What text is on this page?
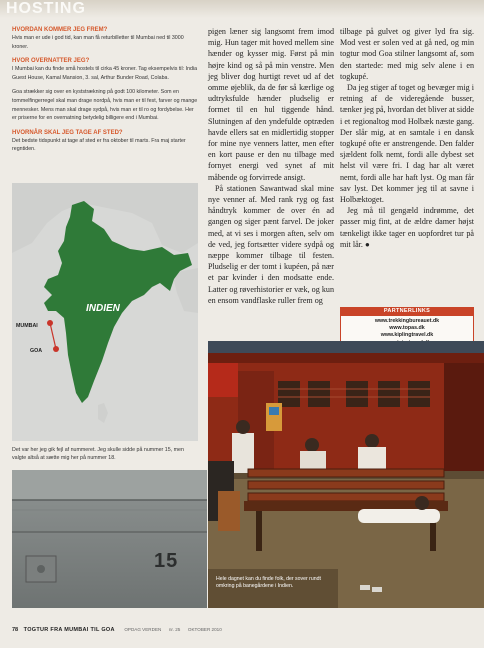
HOSTING
HVORDAN KOMMER JEG FREM?

Hvis man er ude i god tid, kan man få returbilletter til Mumbai ned til 3000 kroner.

HVOR OVERNATTER JEG?

I Mumbai kan du finde små hostels til cirka 45 kroner. Tag eksempelvis til: India Guest House, Kamal Mansion, 3. sal, Arthur Bunder Road, Colaba.

Goa strækker sig over en kyststrækning på godt 100 kilometer. Som en tommelfingerregel skal man drage nordpå, hvis man er til fest, farver og mange mennesker. Mens man skal drage sydpå, hvis man er til ro og fordybelse. Her er priserne for en overnatning betydelig billigere end i Mumbai.

HVORNÅR SKAL JEG TAGE AF STED?

Det bedste tidspunkt at tage af sted er fra oktober til marts. Fra maj starter regntiden.

INDIEN
MUMBAI
GOA
Det var her jeg gik fejl af nummeret. Jeg skulle sidde på nummer 15, men valgte altså at sætte mig her på nummer 18.
15

pigen læner sig langsomt frem imod mig. Hun tager mit hoved mellem sine hænder og kysser mig. Først på min højre kind og så på min venstre. Men jeg bliver dog hurtigt revet ud af det omme øjeblik, da de før så kærlige og udtryksfulde hænder pludselig er formet til en hul tiggende hånd. Slutningen af den yndefulde optræden havde ellers sat en midlertidig stopper for mine nye venners latter, men efter en kort pause er den nu tilbage med fornyet energi ved synet af mit måbende og forvirrede ansigt.

På stationen Sawantwad skal mine nye venner af. Med rank ryg og fast håndtryk kommer de over én ad gangen og siger pænt farvel. De joker med, at vi ses i morgen aften, selv om de ved, jeg fortsætter videre sydpå og næppe kommer tilbage til festen. Pludselig er der tomt i kupéen, på nær et par kvinder i den modsatte ende. Latter og røverhistorier er væk, og kun en ensom vandflaske ruller frem og

tilbage på gulvet og giver lyd fra sig. Mod vest er solen ved at gå ned, og min togtur mod Goa stilner langsomt af, som den startede: med mig selv alene i en togkupé.

Da jeg stiger af toget og bevæger mig i retning af de videregående busser, tænker jeg på, hvordan det bliver at sidde i et regionaltog mod Holbæk næste gang. Der slår mig, at en samtale i en dansk togkupé ofte er anstrengende. Den falder sjældent folk nemt, fordi alle dybest set helst vil være fri. I dag har alt været nemt, fordi alle har haft lyst. Og man får sav lyst. Det kommer jeg til at savne i Holbæktoget.

Jeg må til gengæld indrømme, det passer mig fint, at de ældre damer højst tænkeligt ikke tager en uopfordret tur på mit lår. ●

PARTNERLINKS
www.trekkingbureauet.dk
www.topas.dk
www.kiplingtravel.dk
Hele dagnet kan du finde folk, der sover rundt omkring på banegårdene i Indien.
78 TOGTUR FRA MUMBAI TIL GOA OPDAG VERDEN nr. 25 OKTOBER 2010
